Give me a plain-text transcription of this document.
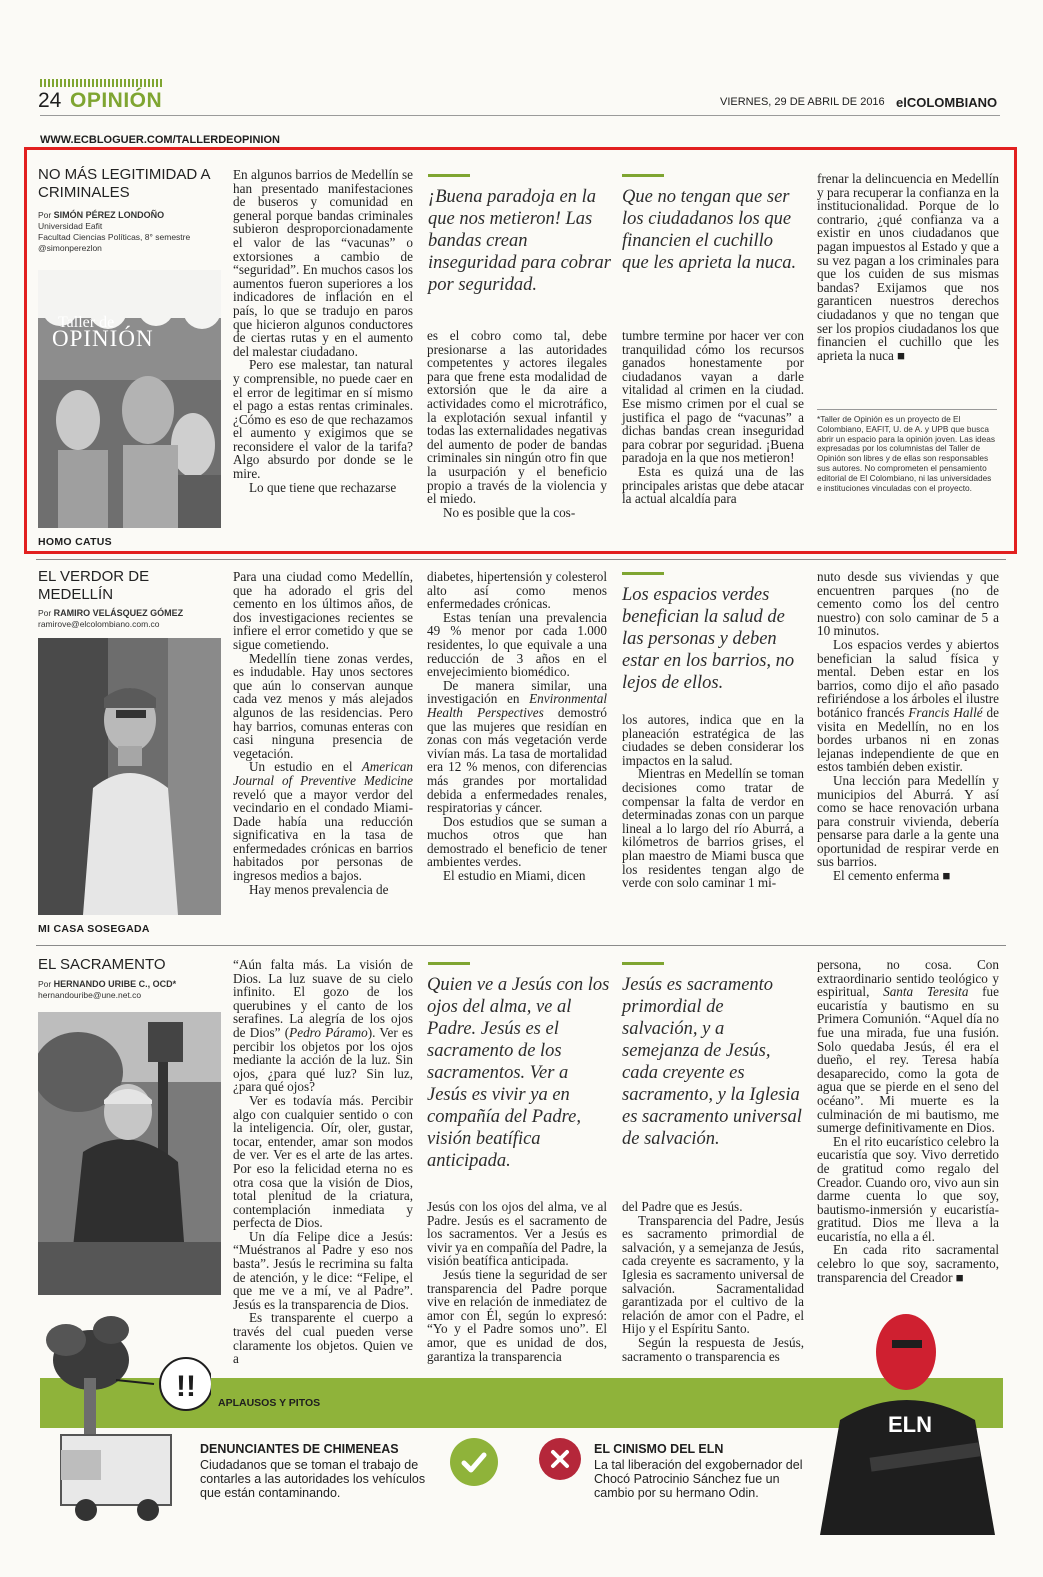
24 OPINIÓN	VIERNES, 29 DE ABRIL DE 2016 elCOLOMBIANO
WWW.ECBLOGUER.COM/TALLERDEOPINION
NO MÁS LEGITIMIDAD A CRIMINALES
Por SIMÓN PÉREZ LONDOÑO
Universidad Eafit
Facultad Ciencias Políticas, 8° semestre
@simonperezlon
Taller de
OPINIÓN
HOMO CATUS

En algunos barrios de Medellín se han presentado manifestaciones de buseros y comunidad en general porque bandas criminales subieron desproporcionadamente el valor de las “vacunas” o extorsiones a cambio de “seguridad”. En muchos casos los aumentos fueron superiores a los indicadores de inflación en el país, lo que se tradujo en paros que hicieron algunos conductores de ciertas rutas y en el aumento del malestar ciudadano.

Pero ese malestar, tan natural y comprensible, no puede caer en el error de legitimar en sí mismo el pago a estas rentas criminales. ¿Cómo es eso de que rechazamos el aumento y exigimos que se reconsidere el valor de la tarifa? Algo absurdo por donde se le mire.

Lo que tiene que rechazarse

¡Buena paradoja en la que nos metieron! Las bandas crean inseguridad para cobrar por seguridad.

es el cobro como tal, debe presionarse a las autoridades competentes y actores ilegales para que frene esta modalidad de extorsión que le da aire a actividades como el microtráfico, la explotación sexual infantil y todas las externalidades negativas del aumento de poder de bandas criminales sin ningún otro fin que la usurpación y el beneficio propio a través de la violencia y el miedo.

No es posible que la cos-

Que no tengan que ser los ciudadanos los que financien el cuchillo que les aprieta la nuca.

tumbre termine por hacer ver con tranquilidad cómo los recursos ganados honestamente por ciudadanos vayan a darle vitalidad al crimen en la ciudad. Ese mismo crimen por el cual se justifica el pago de “vacunas” a dichas bandas crean inseguridad para cobrar por seguridad. ¡Buena paradoja en la que nos metieron!

Esta es quizá una de las principales aristas que debe atacar la actual alcaldía para

frenar la delincuencia en Medellín y para recuperar la confianza en la institucionalidad. Porque de lo contrario, ¿qué confianza va a existir en unos ciudadanos que pagan impuestos al Estado y que a su vez pagan a los criminales para que los cuiden de sus mismas bandas? Exijamos que nos garanticen nuestros derechos ciudadanos y que no tengan que ser los propios ciudadanos los que financien el cuchillo que les aprieta la nuca ■

*Taller de Opinión es un proyecto de El Colombiano, EAFIT, U. de A. y UPB que busca abrir un espacio para la opinión joven. Las ideas expresadas por los columnistas del Taller de Opinión son libres y de ellas son responsables sus autores. No comprometen el pensamiento editorial de El Colombiano, ni las universidades e instituciones vinculadas con el proyecto.
EL VERDOR DE MEDELLÍN
Por RAMIRO VELÁSQUEZ GÓMEZ
ramirove@elcolombiano.com.co
MI CASA SOSEGADA

Para una ciudad como Medellín, que ha adorado el gris del cemento en los últimos años, de dos investigaciones recientes se infiere el error cometido y que se sigue cometiendo.

Medellín tiene zonas verdes, es indudable. Hay unos sectores que aún lo conservan aunque cada vez menos y más alejados algunos de las residencias. Pero hay barrios, comunas enteras con casi ninguna presencia de vegetación.

Un estudio en el American Journal of Preventive Medicine reveló que a mayor verdor del vecindario en el condado Miami-Dade había una reducción significativa en la tasa de enfermedades crónicas en barrios habitados por personas de ingresos medios a bajos.

Hay menos prevalencia de

diabetes, hipertensión y colesterol alto así como menos enfermedades crónicas.

Estas tenían una prevalencia 49 % menor por cada 1.000 residentes, lo que equivale a una reducción de 3 años en el envejecimiento biomédico.

De manera similar, una investigación en Environmental Health Perspectives demostró que las mujeres que residían en zonas con más vegetación verde vivían más. La tasa de mortalidad era 12 % menos, con diferencias más grandes por mortalidad debida a enfermedades renales, respiratorias y cáncer.

Dos estudios que se suman a muchos otros que han demostrado el beneficio de tener ambientes verdes.

El estudio en Miami, dicen

Los espacios verdes benefician la salud de las personas y deben estar en los barrios, no lejos de ellos.

los autores, indica que en la planeación estratégica de las ciudades se deben considerar los impactos en la salud.

Mientras en Medellín se toman decisiones como tratar de compensar la falta de verdor en determinadas zonas con un parque lineal a lo largo del río Aburrá, a kilómetros de barrios grises, el plan maestro de Miami busca que los residentes tengan algo de verde con solo caminar 1 mi-

nuto desde sus viviendas y que encuentren parques (no de cemento como los del centro nuestro) con solo caminar de 5 a 10 minutos.

Los espacios verdes y abiertos benefician la salud física y mental. Deben estar en los barrios, como dijo el año pasado refiriéndose a los árboles el ilustre botánico francés Francis Hallé de visita en Medellín, no en los bordes urbanos ni en zonas lejanas independiente de que en estos también deben existir.

Una lección para Medellín y municipios del Aburrá. Y así como se hace renovación urbana para construir vivienda, debería pensarse para darle a la gente una oportunidad de respirar verde en sus barrios.

El cemento enferma ■

EL SACRAMENTO
Por HERNANDO URIBE C., OCD*
hernandouribe@une.net.co

“Aún falta más. La visión de Dios. La luz suave de su cielo infinito. El gozo de los querubines y el canto de los serafines. La alegría de los ojos de Dios” (Pedro Páramo). Ver es percibir los objetos por los ojos mediante la acción de la luz. Sin ojos, ¿para qué luz? Sin luz, ¿para qué ojos?

Ver es todavía más. Percibir algo con cualquier sentido o con la inteligencia. Oír, oler, gustar, tocar, entender, amar son modos de ver. Ver es el arte de las artes. Por eso la felicidad eterna no es otra cosa que la visión de Dios, total plenitud de la criatura, contemplación inmediata y perfecta de Dios.

Un día Felipe dice a Jesús: “Muéstranos al Padre y eso nos basta”. Jesús le recrimina su falta de atención, y le dice: “Felipe, el que me ve a mí, ve al Padre”. Jesús es la transparencia de Dios.

Es transparente el cuerpo a través del cual pueden verse claramente los objetos. Quien ve a

Quien ve a Jesús con los ojos del alma, ve al Padre. Jesús es el sacramento de los sacramentos. Ver a Jesús es vivir ya en compañía del Padre, visión beatífica anticipada.

Jesús con los ojos del alma, ve al Padre. Jesús es el sacramento de los sacramentos. Ver a Jesús es vivir ya en compañía del Padre, la visión beatífica anticipada.

Jesús tiene la seguridad de ser transparencia del Padre porque vive en relación de inmediatez de amor con Él, según lo expresó: “Yo y el Padre somos uno”. El amor, que es unidad de dos, garantiza la transparencia

Jesús es sacramento primordial de salvación, y a semejanza de Jesús, cada creyente es sacramento, y la Iglesia es sacramento universal de salvación.

del Padre que es Jesús.

Transparencia del Padre, Jesús es sacramento primordial de salvación, y a semejanza de Jesús, cada creyente es sacramento, y la Iglesia es sacramento universal de salvación. Sacramentalidad garantizada por el cultivo de la relación de amor con el Padre, el Hijo y el Espíritu Santo.

Según la respuesta de Jesús, sacramento o transparencia es

persona, no cosa. Con extraordinario sentido teológico y espiritual, Santa Teresita fue eucaristía y bautismo en su Primera Comunión. “Aquel día no fue una mirada, fue una fusión. Solo quedaba Jesús, él era el dueño, el rey. Teresa había desaparecido, como la gota de agua que se pierde en el seno del océano”. Mi muerte es la culminación de mi bautismo, me sumerge definitivamente en Dios.

En el rito eucarístico celebro la eucaristía que soy. Vivo derretido de gratitud como regalo del Creador. Cuando oro, vivo aun sin darme cuenta lo que soy, bautismo-inmersión y eucaristía-gratitud. Dios me lleva a la eucaristía, no ella a él.

En cada rito sacramental celebro lo que soy, sacramento, transparencia del Creador ■

APLAUSOS Y PITOS
!!
DENUNCIANTES DE CHIMENEAS
Ciudadanos que se toman el trabajo de contarles a las autoridades los vehículos que están contaminando.
EL CINISMO DEL ELN
La tal liberación del exgobernador del Chocó Patrocinio Sánchez fue un cambio por su hermano Odin.
ELN
